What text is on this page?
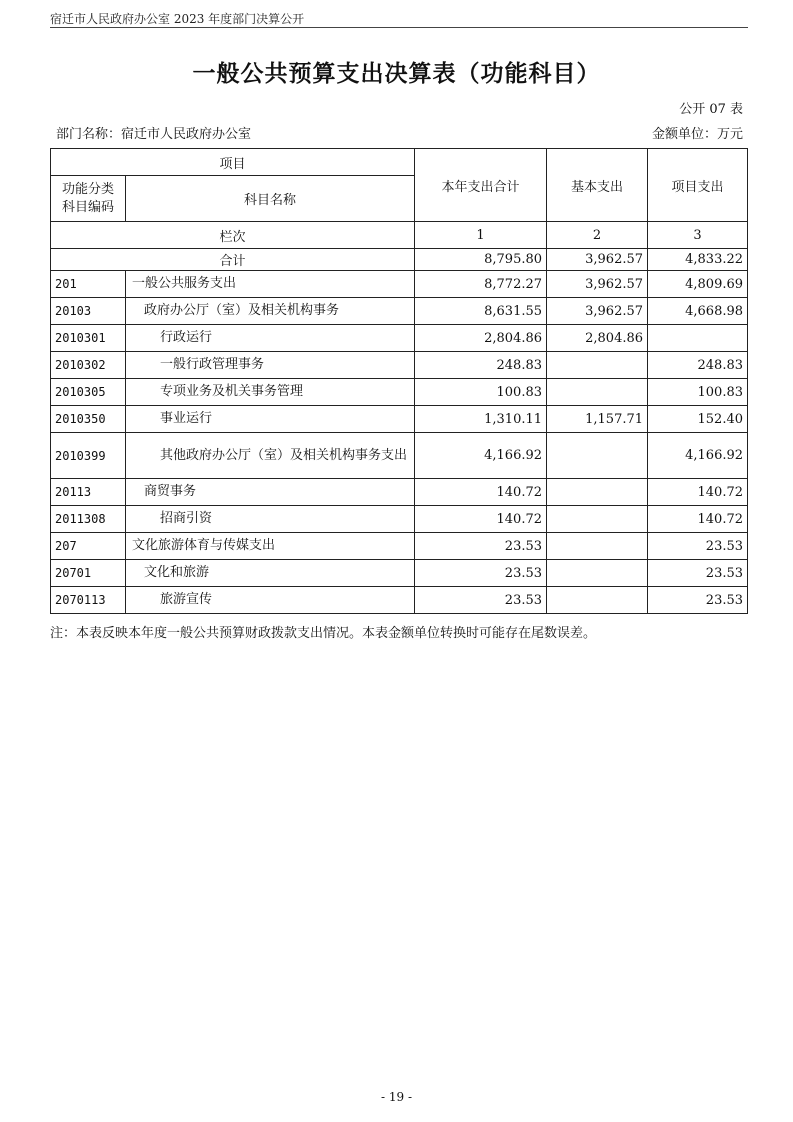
宿迁市人民政府办公室 2023 年度部门决算公开
一般公共预算支出决算表（功能科目）
公开 07 表
部门名称：宿迁市人民政府办公室	金额单位：万元
项目		本年支出合计	基本支出	项目支出
功能分类
科目编码	科目名称			
栏次		1	2	3
合计		8,795.80	3,962.57	4,833.22
201	一般公共服务支出	8,772.27	3,962.57	4,809.69
20103	政府办公厅（室）及相关机构事务	8,631.55	3,962.57	4,668.98
2010301	行政运行	2,804.86	2,804.86	
2010302	一般行政管理事务	248.83		248.83
2010305	专项业务及机关事务管理	100.83		100.83
2010350	事业运行	1,310.11	1,157.71	152.40
2010399	其他政府办公厅（室）及相关机构事务支出	4,166.92		4,166.92
20113	商贸事务	140.72		140.72
2011308	招商引资	140.72		140.72
207	文化旅游体育与传媒支出	23.53		23.53
20701	文化和旅游	23.53		23.53
2070113	旅游宣传	23.53		23.53
注：本表反映本年度一般公共预算财政拨款支出情况。本表金额单位转换时可能存在尾数误差。
- 19 -
